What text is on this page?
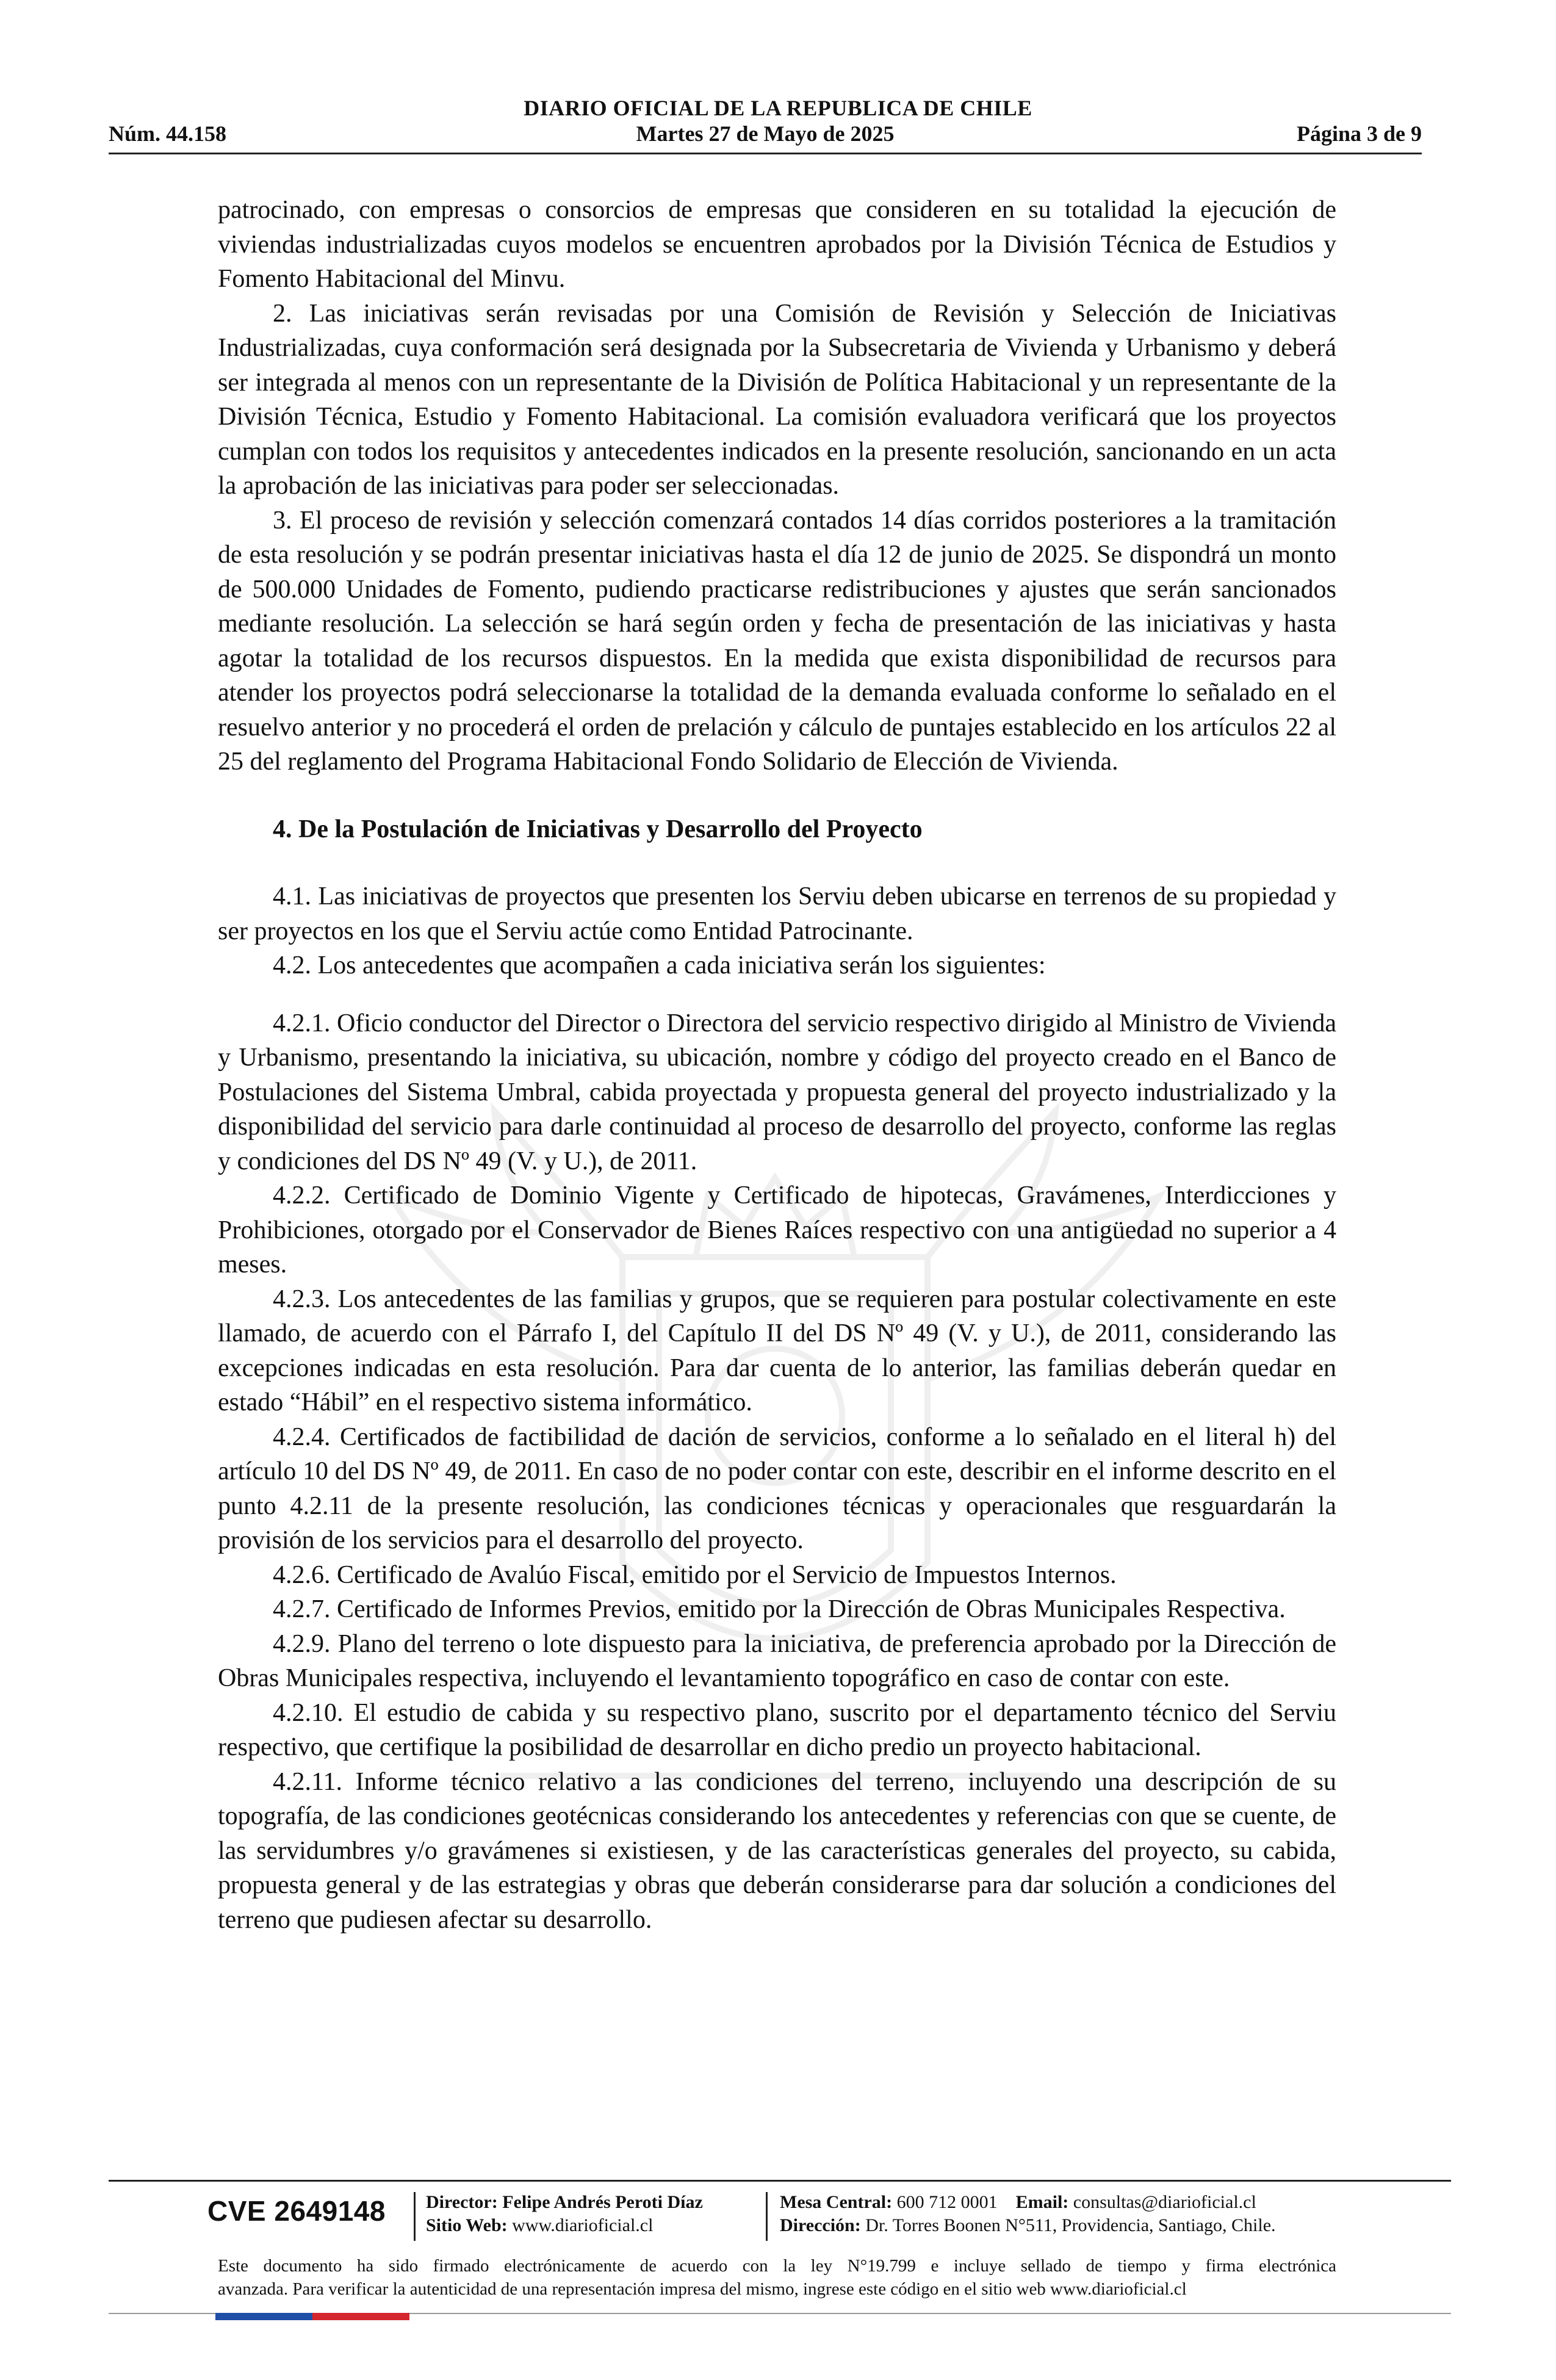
DIARIO OFICIAL DE LA REPUBLICA DE CHILE
Núm. 44.158	Martes 27 de Mayo de 2025	Página 3 de 9

patrocinado, con empresas o consorcios de empresas que consideren en su totalidad la ejecución de viviendas industrializadas cuyos modelos se encuentren aprobados por la División Técnica de Estudios y Fomento Habitacional del Minvu.

2. Las iniciativas serán revisadas por una Comisión de Revisión y Selección de Iniciativas Industrializadas, cuya conformación será designada por la Subsecretaria de Vivienda y Urbanismo y deberá ser integrada al menos con un representante de la División de Política Habitacional y un representante de la División Técnica, Estudio y Fomento Habitacional. La comisión evaluadora verificará que los proyectos cumplan con todos los requisitos y antecedentes indicados en la presente resolución, sancionando en un acta la aprobación de las iniciativas para poder ser seleccionadas.

3. El proceso de revisión y selección comenzará contados 14 días corridos posteriores a la tramitación de esta resolución y se podrán presentar iniciativas hasta el día 12 de junio de 2025. Se dispondrá un monto de 500.000 Unidades de Fomento, pudiendo practicarse redistribuciones y ajustes que serán sancionados mediante resolución. La selección se hará según orden y fecha de presentación de las iniciativas y hasta agotar la totalidad de los recursos dispuestos. En la medida que exista disponibilidad de recursos para atender los proyectos podrá seleccionarse la totalidad de la demanda evaluada conforme lo señalado en el resuelvo anterior y no procederá el orden de prelación y cálculo de puntajes establecido en los artículos 22 al 25 del reglamento del Programa Habitacional Fondo Solidario de Elección de Vivienda.

4. De la Postulación de Iniciativas y Desarrollo del Proyecto

4.1. Las iniciativas de proyectos que presenten los Serviu deben ubicarse en terrenos de su propiedad y ser proyectos en los que el Serviu actúe como Entidad Patrocinante.

4.2. Los antecedentes que acompañen a cada iniciativa serán los siguientes:

4.2.1. Oficio conductor del Director o Directora del servicio respectivo dirigido al Ministro de Vivienda y Urbanismo, presentando la iniciativa, su ubicación, nombre y código del proyecto creado en el Banco de Postulaciones del Sistema Umbral, cabida proyectada y propuesta general del proyecto industrializado y la disponibilidad del servicio para darle continuidad al proceso de desarrollo del proyecto, conforme las reglas y condiciones del DS Nº 49 (V. y U.), de 2011.

4.2.2. Certificado de Dominio Vigente y Certificado de hipotecas, Gravámenes, Interdicciones y Prohibiciones, otorgado por el Conservador de Bienes Raíces respectivo con una antigüedad no superior a 4 meses.

4.2.3. Los antecedentes de las familias y grupos, que se requieren para postular colectivamente en este llamado, de acuerdo con el Párrafo I, del Capítulo II del DS Nº 49 (V. y U.), de 2011, considerando las excepciones indicadas en esta resolución. Para dar cuenta de lo anterior, las familias deberán quedar en estado “Hábil” en el respectivo sistema informático.

4.2.4. Certificados de factibilidad de dación de servicios, conforme a lo señalado en el literal h) del artículo 10 del DS Nº 49, de 2011. En caso de no poder contar con este, describir en el informe descrito en el punto 4.2.11 de la presente resolución, las condiciones técnicas y operacionales que resguardarán la provisión de los servicios para el desarrollo del proyecto.

4.2.6. Certificado de Avalúo Fiscal, emitido por el Servicio de Impuestos Internos.

4.2.7. Certificado de Informes Previos, emitido por la Dirección de Obras Municipales Respectiva.

4.2.9. Plano del terreno o lote dispuesto para la iniciativa, de preferencia aprobado por la Dirección de Obras Municipales respectiva, incluyendo el levantamiento topográfico en caso de contar con este.

4.2.10. El estudio de cabida y su respectivo plano, suscrito por el departamento técnico del Serviu respectivo, que certifique la posibilidad de desarrollar en dicho predio un proyecto habitacional.

4.2.11. Informe técnico relativo a las condiciones del terreno, incluyendo una descripción de su topografía, de las condiciones geotécnicas considerando los antecedentes y referencias con que se cuente, de las servidumbres y/o gravámenes si existiesen, y de las características generales del proyecto, su cabida, propuesta general y de las estrategias y obras que deberán considerarse para dar solución a condiciones del terreno que pudiesen afectar su desarrollo.

CVE 2649148 Director: Felipe Andrés Peroti Díaz
Sitio Web: www.diarioficial.cl
Mesa Central: 600 712 0001 Email: consultas@diarioficial.cl
Dirección: Dr. Torres Boonen N°511, Providencia, Santiago, Chile.
Este documento ha sido firmado electrónicamente de acuerdo con la ley N°19.799 e incluye sellado de tiempo y firma electrónica
avanzada. Para verificar la autenticidad de una representación impresa del mismo, ingrese este código en el sitio web www.diarioficial.cl
